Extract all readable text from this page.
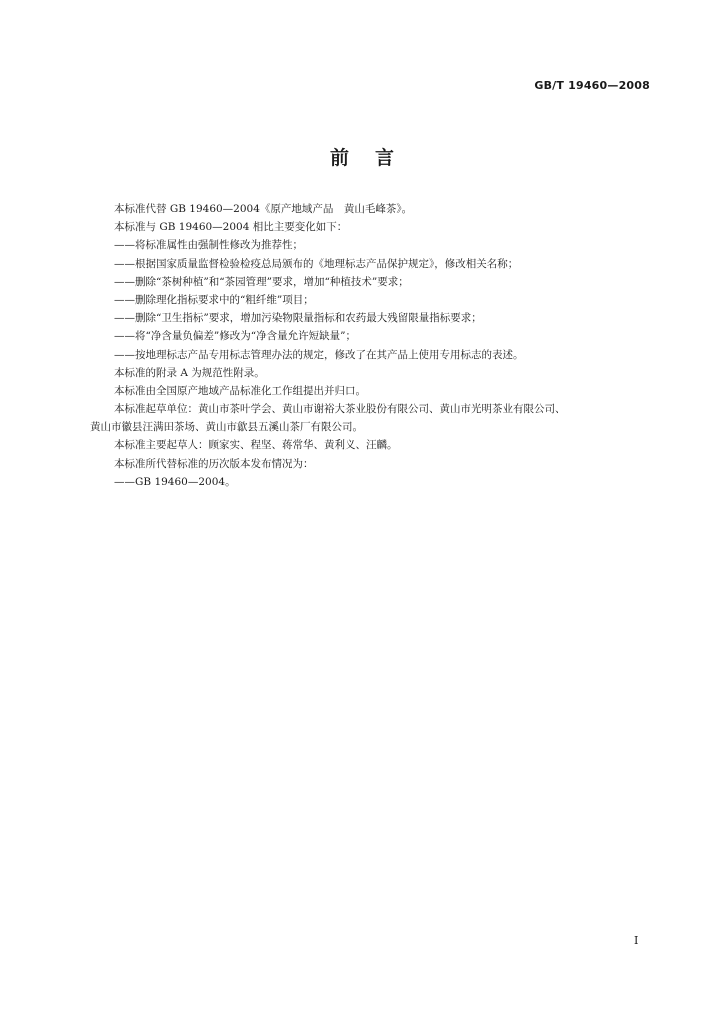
GB/T 19460—2008
前言
本标准代替 GB 19460—2004《原产地域产品　黄山毛峰茶》。
本标准与 GB 19460—2004 相比主要变化如下：
——将标准属性由强制性修改为推荐性；
——根据国家质量监督检验检疫总局颁布的《地理标志产品保护规定》，修改相关名称；
——删除“茶树种植”和“茶园管理”要求，增加“种植技术”要求；
——删除理化指标要求中的“粗纤维”项目；
——删除“卫生指标”要求，增加污染物限量指标和农药最大残留限量指标要求；
——将“净含量负偏差”修改为“净含量允许短缺量”；
——按地理标志产品专用标志管理办法的规定，修改了在其产品上使用专用标志的表述。
本标准的附录 A 为规范性附录。
本标准由全国原产地域产品标准化工作组提出并归口。
本标准起草单位：黄山市茶叶学会、黄山市谢裕大茶业股份有限公司、黄山市光明茶业有限公司、
黄山市徽县汪满田茶场、黄山市歙县五溪山茶厂有限公司。
本标准主要起草人：顾家实、程坚、蒋常华、黄利义、汪麟。
本标准所代替标准的历次版本发布情况为：
——GB 19460—2004。
I
